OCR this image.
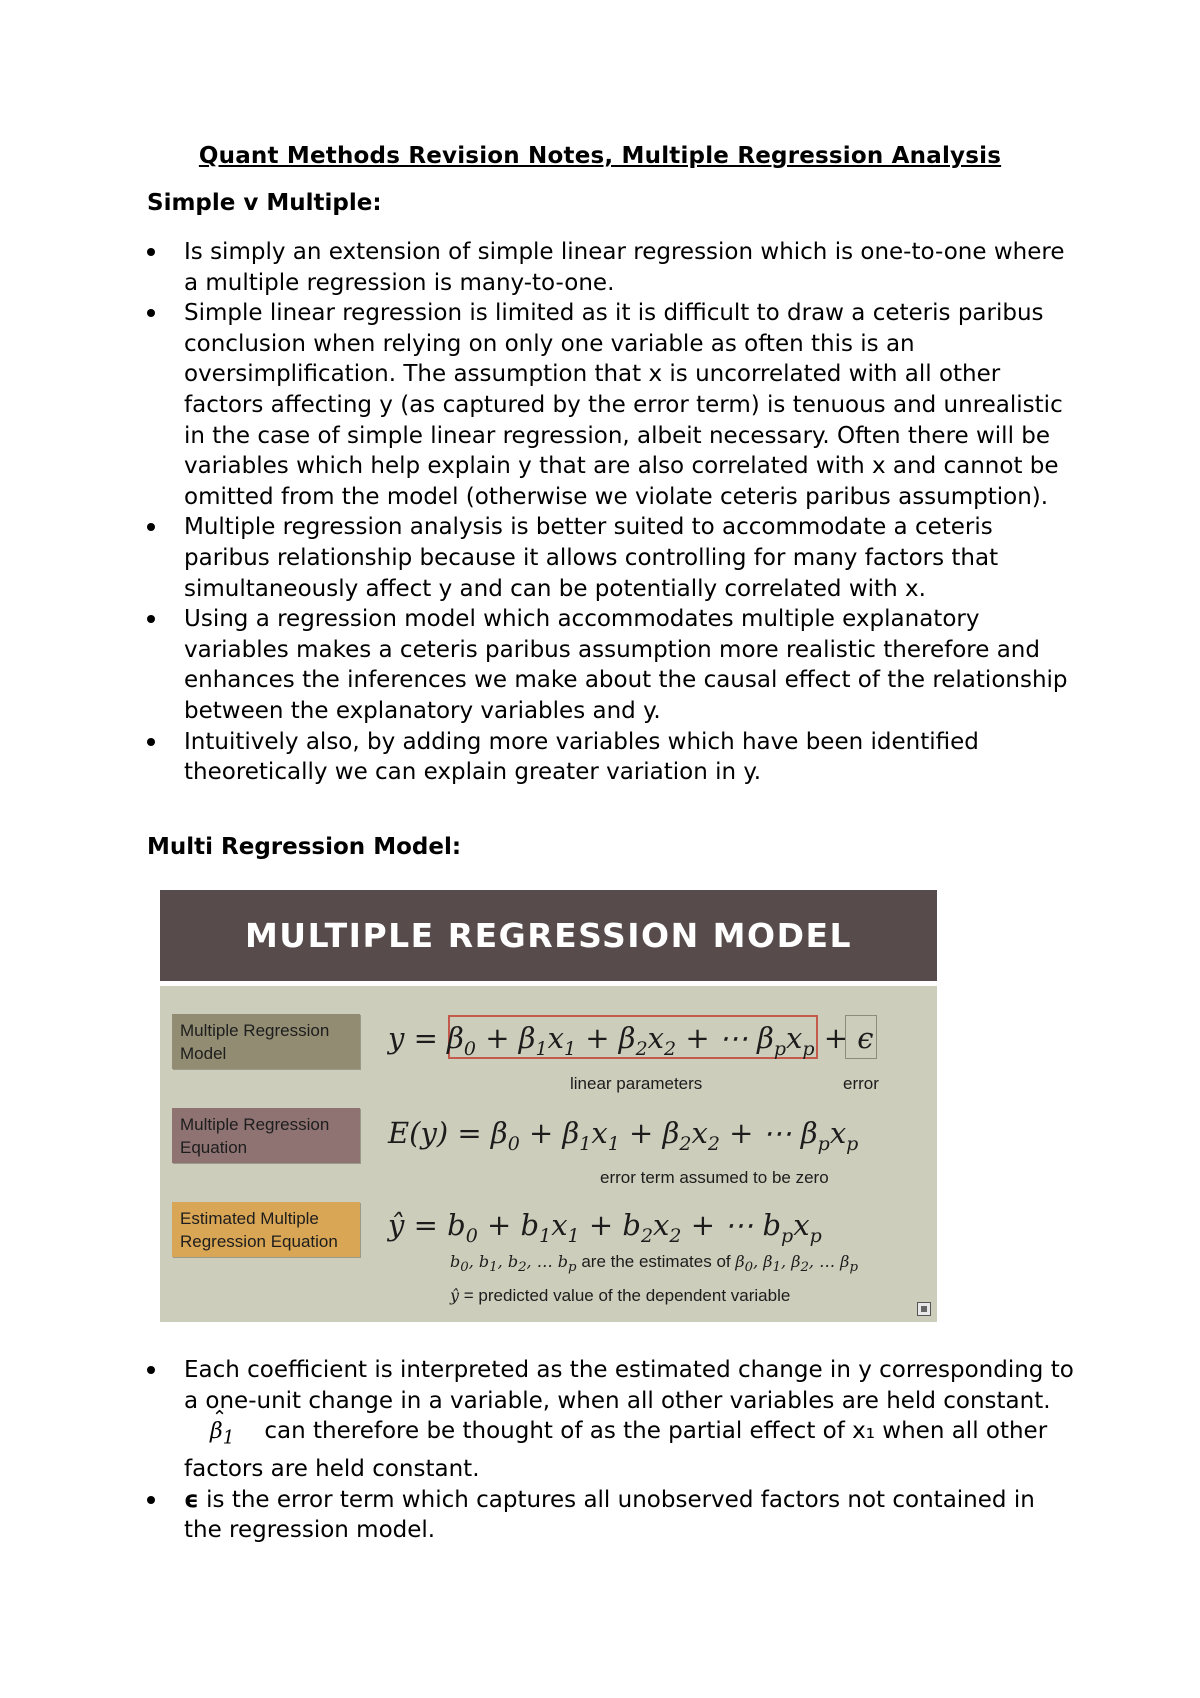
Quant Methods Revision Notes, Multiple Regression Analysis
Simple v Multiple:
Is simply an extension of simple linear regression which is one-to-one where a multiple regression is many-to-one.
Simple linear regression is limited as it is difficult to draw a ceteris paribus conclusion when relying on only one variable as often this is an oversimplification. The assumption that x is uncorrelated with all other factors affecting y (as captured by the error term) is tenuous and unrealistic in the case of simple linear regression, albeit necessary. Often there will be variables which help explain y that are also correlated with x and cannot be omitted from the model (otherwise we violate ceteris paribus assumption).
Multiple regression analysis is better suited to accommodate a ceteris paribus relationship because it allows controlling for many factors that simultaneously affect y and can be potentially correlated with x.
Using a regression model which accommodates multiple explanatory variables makes a ceteris paribus assumption more realistic therefore and enhances the inferences we make about the causal effect of the relationship between the explanatory variables and y.
Intuitively also, by adding more variables which have been identified theoretically we can explain greater variation in y.
Multi Regression Model:
MULTIPLE REGRESSION MODEL
Multiple Regression Model
Multiple Regression Equation
Estimated Multiple Regression Equation
$y = \beta_0 + \beta_1x_1 + \beta_2x_2$ + ⋯ $\beta_px_p + \epsilon$
linear parameters	error
$E(y) = \beta_0 + \beta_1x_1 + \beta_2x_2$ + ⋯ $\beta_px_p$
error term assumed to be zero
ŷ = $b_0 + b_1x_1 + b_2x_2$ + ⋯ $b_px_p$
$b_0$, $b_1$, $b_2$, … $b_p$ are the estimates of $\beta_0$, $\beta_1$, $\beta_2$, … $\beta_p$
ŷ = predicted value of the dependent variable
Each coefficient is interpreted as the estimated change in y corresponding to a one-unit change in a variable, when all other variables are held constant.⌃ $\beta_1$ can therefore be thought of as the partial effect of x₁ when all other factors are held constant.
ϵ is the error term which captures all unobserved factors not contained in the regression model.
